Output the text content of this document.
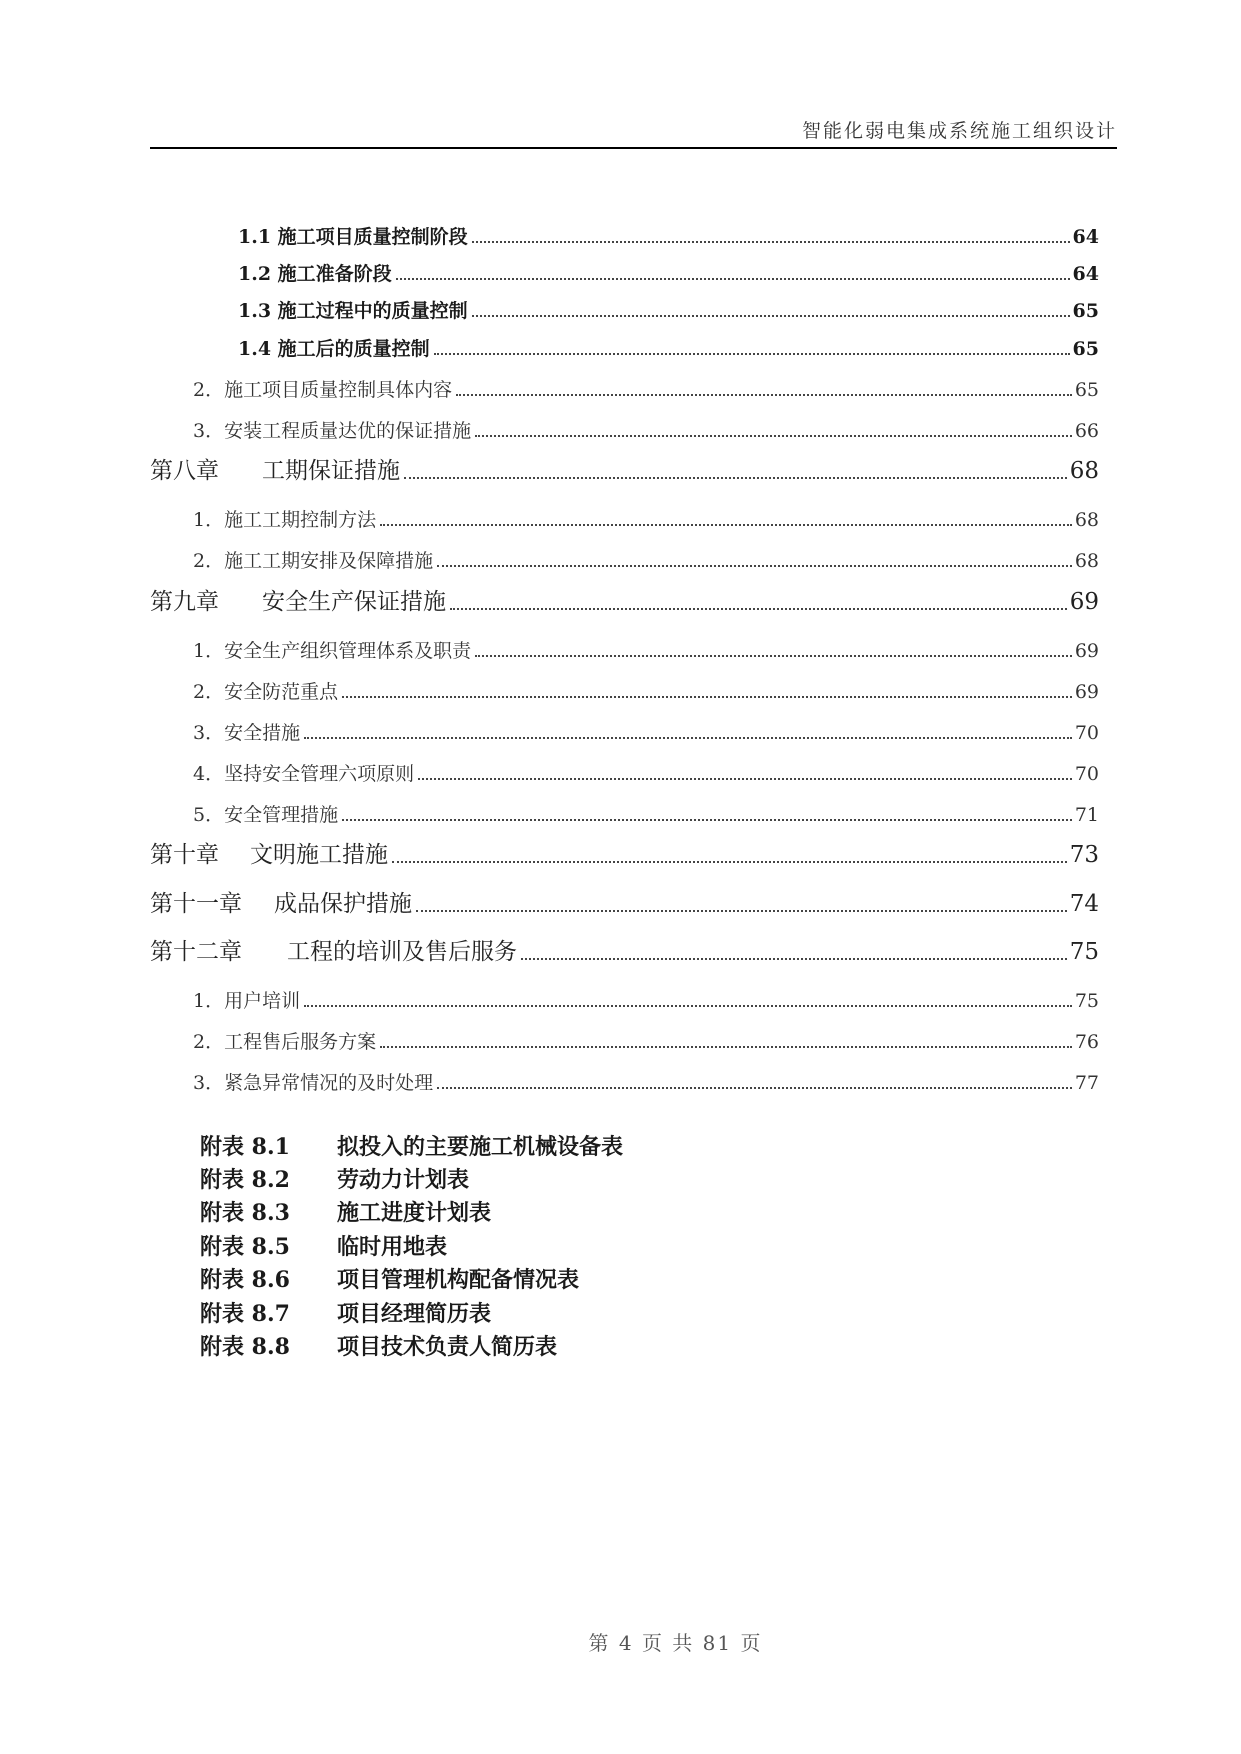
智能化弱电集成系统施工组织设计
1.1 施工项目质量控制阶段	64
1.2 施工准备阶段	64
1.3 施工过程中的质量控制	65
1.4 施工后的质量控制	65
2．施工项目质量控制具体内容	65
3．安装工程质量达优的保证措施	66
第八章 工期保证措施	68
1．施工工期控制方法	68
2．施工工期安排及保障措施	68
第九章 安全生产保证措施	69
1．安全生产组织管理体系及职责	69
2．安全防范重点	69
3．安全措施	70
4．坚持安全管理六项原则	70
5．安全管理措施	71
第十章 文明施工措施	73
第十一章 成品保护措施	74
第十二章 工程的培训及售后服务	75
1．用户培训	75
2．工程售后服务方案	76
3．紧急异常情况的及时处理	77
附表 8.1 拟投入的主要施工机械设备表
附表 8.2 劳动力计划表
附表 8.3 施工进度计划表
附表 8.5 临时用地表
附表 8.6 项目管理机构配备情况表
附表 8.7 项目经理简历表
附表 8.8 项目技术负责人简历表
第 4 页 共 81 页
